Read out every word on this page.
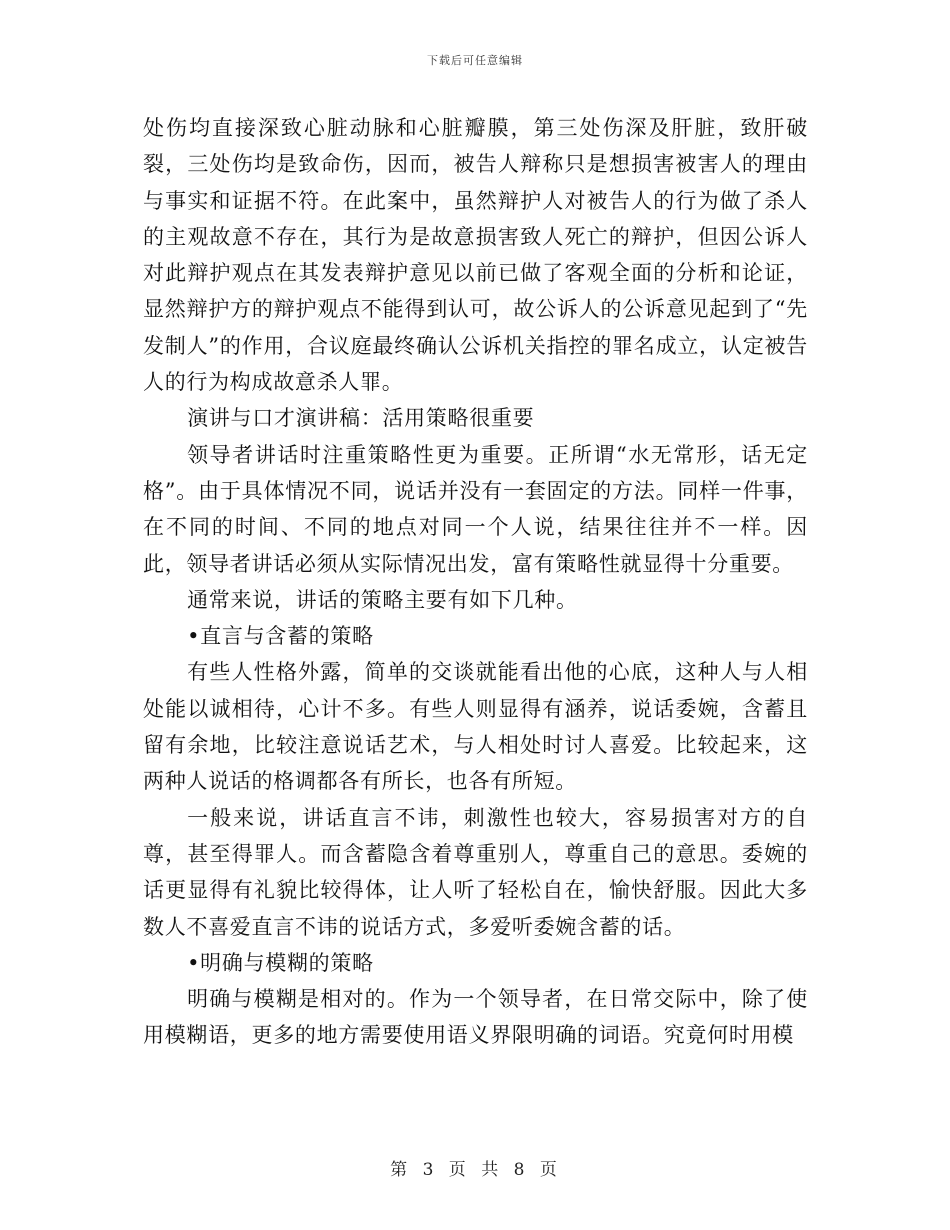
下载后可任意编辑

处伤均直接深致心脏动脉和心脏瓣膜，第三处伤深及肝脏，致肝破裂，三处伤均是致命伤，因而，被告人辩称只是想损害被害人的理由与事实和证据不符。在此案中，虽然辩护人对被告人的行为做了杀人的主观故意不存在，其行为是故意损害致人死亡的辩护，但因公诉人对此辩护观点在其发表辩护意见以前已做了客观全面的分析和论证，显然辩护方的辩护观点不能得到认可，故公诉人的公诉意见起到了“先发制人”的作用，合议庭最终确认公诉机关指控的罪名成立，认定被告人的行为构成故意杀人罪。

演讲与口才演讲稿：活用策略很重要

领导者讲话时注重策略性更为重要。正所谓“水无常形，话无定格”。由于具体情况不同，说话并没有一套固定的方法。同样一件事，在不同的时间、不同的地点对同一个人说，结果往往并不一样。因此，领导者讲话必须从实际情况出发，富有策略性就显得十分重要。

通常来说，讲话的策略主要有如下几种。

•直言与含蓄的策略

有些人性格外露，简单的交谈就能看出他的心底，这种人与人相处能以诚相待，心计不多。有些人则显得有涵养，说话委婉，含蓄且留有余地，比较注意说话艺术，与人相处时讨人喜爱。比较起来，这两种人说话的格调都各有所长，也各有所短。

一般来说，讲话直言不讳，刺激性也较大，容易损害对方的自尊，甚至得罪人。而含蓄隐含着尊重别人，尊重自己的意思。委婉的话更显得有礼貌比较得体，让人听了轻松自在，愉快舒服。因此大多数人不喜爱直言不讳的说话方式，多爱听委婉含蓄的话。

•明确与模糊的策略

明确与模糊是相对的。作为一个领导者，在日常交际中，除了使用模糊语，更多的地方需要使用语义界限明确的词语。究竟何时用模

第 3 页 共 8 页
